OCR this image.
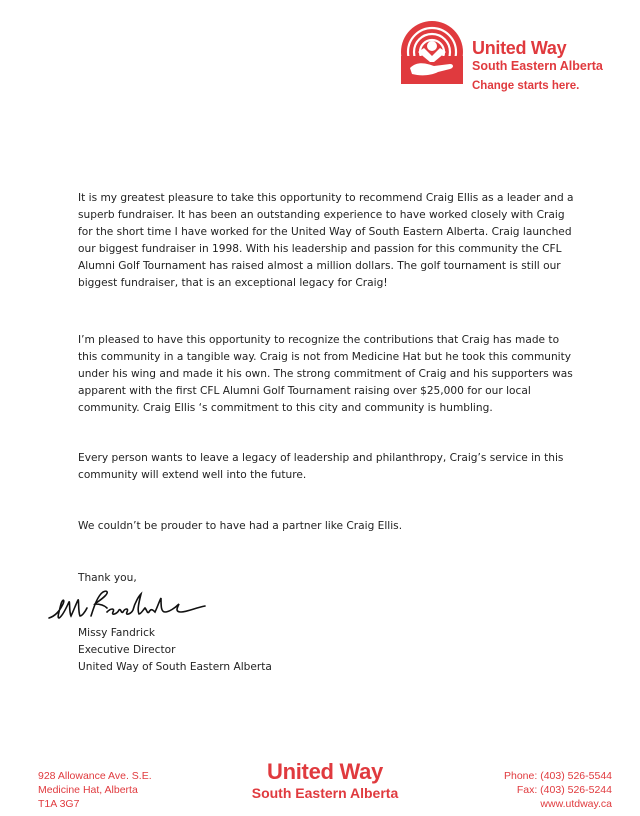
United Way
South Eastern Alberta
Change starts here.

It is my greatest pleasure to take this opportunity to recommend Craig Ellis as a leader and a superb fundraiser. It has been an outstanding experience to have worked closely with Craig for the short time I have worked for the United Way of South Eastern Alberta. Craig launched our biggest fundraiser in 1998. With his leadership and passion for this community the CFL Alumni Golf Tournament has raised almost a million dollars. The golf tournament is still our biggest fundraiser, that is an exceptional legacy for Craig!

I’m pleased to have this opportunity to recognize the contributions that Craig has made to this community in a tangible way. Craig is not from Medicine Hat but he took this community under his wing and made it his own. The strong commitment of Craig and his supporters was apparent with the first CFL Alumni Golf Tournament raising over $25,000 for our local community. Craig Ellis ‘s commitment to this city and community is humbling.

Every person wants to leave a legacy of leadership and philanthropy, Craig’s service in this community will extend well into the future.

We couldn’t be prouder to have had a partner like Craig Ellis.

Thank you,
Missy Fandrick
Executive Director
United Way of South Eastern Alberta
928 Allowance Ave. S.E.
Medicine Hat, Alberta
T1A 3G7
United Way
South Eastern Alberta
Phone: (403) 526-5544
Fax: (403) 526-5244
www.utdway.ca
